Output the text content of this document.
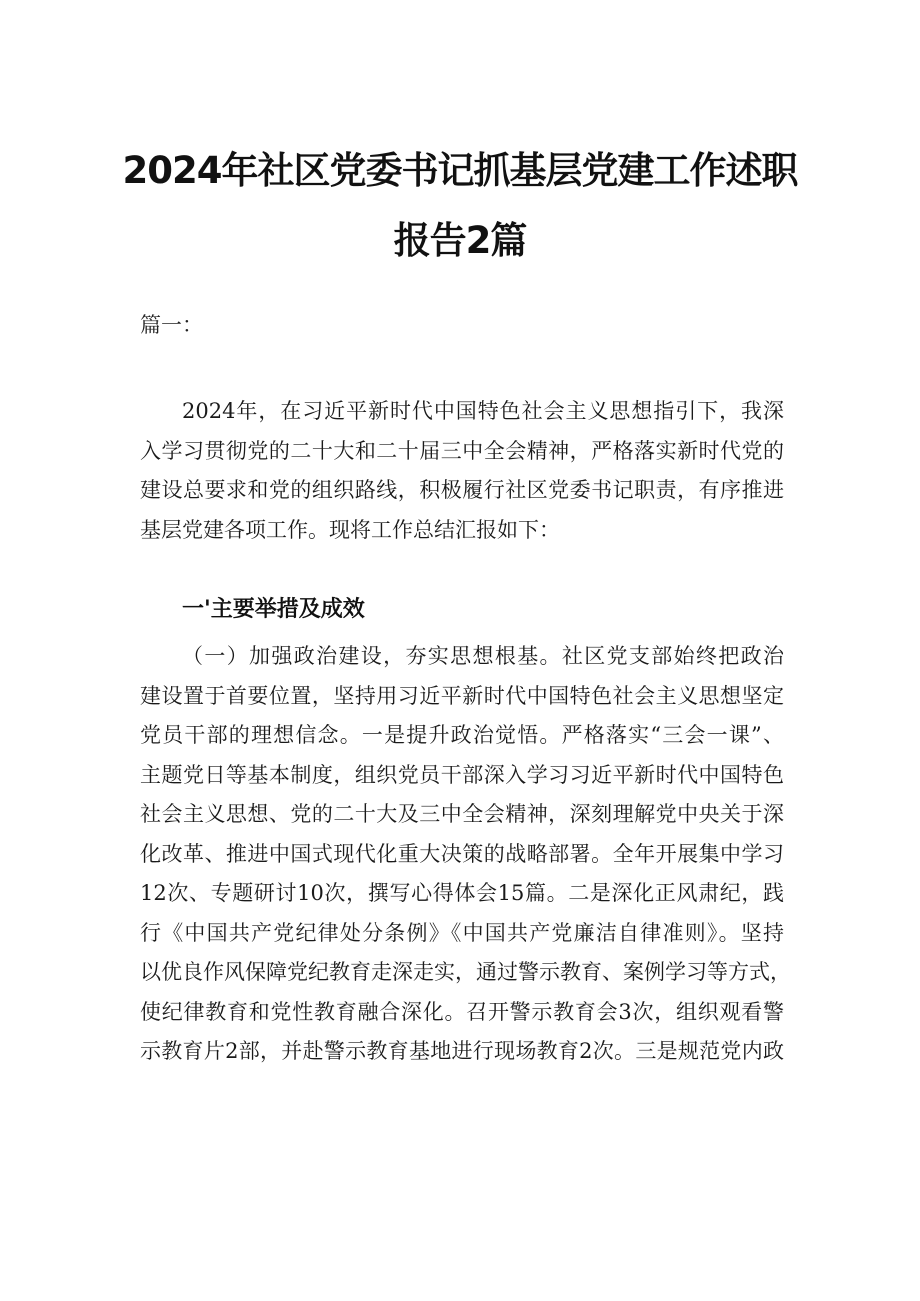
2024年社区党委书记抓基层党建工作述职
报告2篇
篇一：
2024年，在习近平新时代中国特色社会主义思想指引下，我深
入学习贯彻党的二十大和二十届三中全会精神，严格落实新时代党的
建设总要求和党的组织路线，积极履行社区党委书记职责，有序推进
基层党建各项工作。现将工作总结汇报如下：
一'主要举措及成效
（一）加强政治建设，夯实思想根基。社区党支部始终把政治
建设置于首要位置，坚持用习近平新时代中国特色社会主义思想坚定
党员干部的理想信念。一是提升政治觉悟。严格落实“三会一课”、
主题党日等基本制度，组织党员干部深入学习习近平新时代中国特色
社会主义思想、党的二十大及三中全会精神，深刻理解党中央关于深
化改革、推进中国式现代化重大决策的战略部署。全年开展集中学习
12次、专题研讨10次，撰写心得体会15篇。二是深化正风肃纪，践
行《中国共产党纪律处分条例》《中国共产党廉洁自律准则》。坚持
以优良作风保障党纪教育走深走实，通过警示教育、案例学习等方式，
使纪律教育和党性教育融合深化。召开警示教育会3次，组织观看警
示教育片2部，并赴警示教育基地进行现场教育2次。三是规范党内政
